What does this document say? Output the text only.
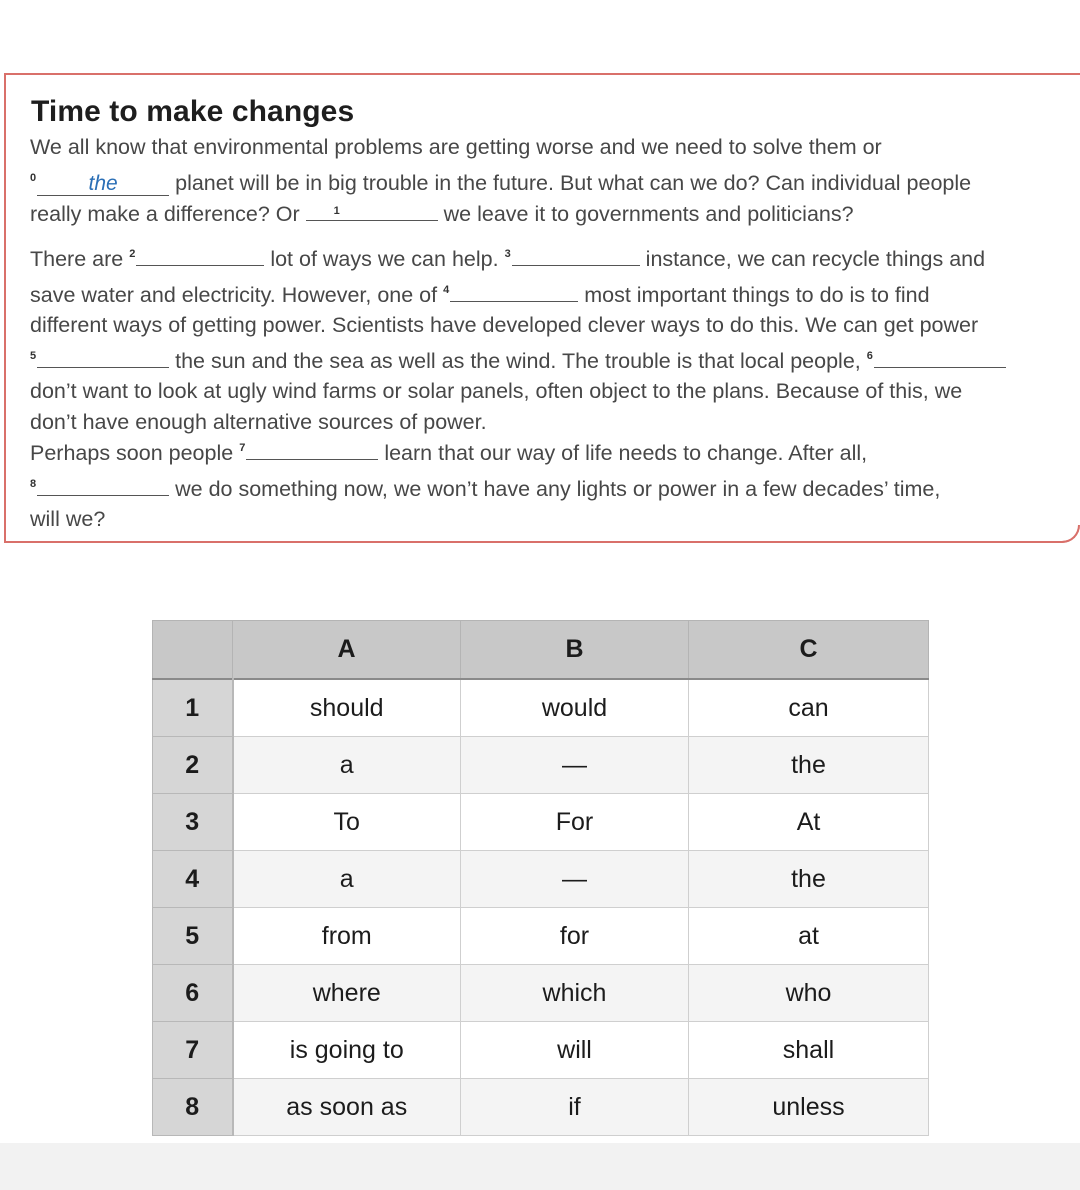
Time to make changes
We all know that environmental problems are getting worse and we need to solve them or
$^0$ the	planet will be in big trouble in the future. But what can we do? Can individual people
really make a difference? Or	1	we leave it to governments and politicians?
There are $^2$	lot of ways we can help. $^3$	instance, we can recycle things and
save water and electricity. However, one of $^4$	most important things to do is to find
different ways of getting power. Scientists have developed clever ways to do this. We can get power
$^5$	the sun and the sea as well as the wind. The trouble is that local people, $^6$
don’t want to look at ugly wind farms or solar panels, often object to the plans. Because of this, we
don’t have enough alternative sources of power.
Perhaps soon people $^7$	learn that our way of life needs to change. After all,
$^8$	we do something now, we won’t have any lights or power in a few decades’ time,
will we?
	A	B	C
1	should	would	can
2	a	—	the
3	To	For	At
4	a	—	the
5	from	for	at
6	where	which	who
7	is going to	will	shall
8	as soon as	if	unless
